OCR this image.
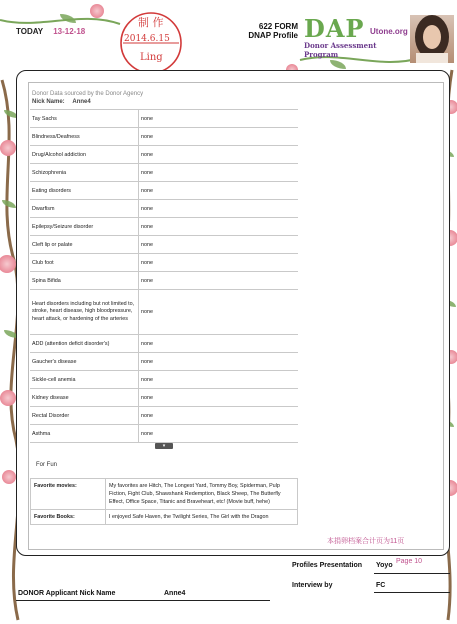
TODAY 13-12-18
制 作
2014.6.15
Ling
622 FORM
DNAP Profile DAP Utone.org
Donor Assessment Program
Donor Data sourced by the Donor Agency
Nick Name: Anne4
Tay Sachs	none
Blindness/Deafness	none
Drug/Alcohol addiction	none
Schizophrenia	none
Eating disorders	none
Dwarfism	none
Epilepsy/Seizure disorder	none
Cleft lip or palate	none
Club foot	none
Spina Bifida	none
Heart disorders including but not limited to, stroke, heart disease, high bloodpressure, heart attack, or hardening of the arteries	none
ADD (attention deficit disorder's)	none
Gaucher's disease	none
Sickle-cell anemia	none
Kidney disease	none
Rectal Disorder	none
Asthma	none
▾
For Fun
Favorite movies:	My favorites are Hitch, The Longest Yard, Tommy Boy, Spiderman, Pulp Fiction, Fight Club, Shawshank Redemption, Black Sheep, The Butterfly Effect, Office Space, Titanic and Braveheart, etc! (Movie buff, hehe)
Favorite Books:	I enjoyed Safe Haven, the Twilight Series, The Girl with the Dragon
本捐卵档案合计页为11页
Profiles Presentation Yoyo
Page 10
Interview by	FC
DONOR Applicant Nick Name	Anne4
